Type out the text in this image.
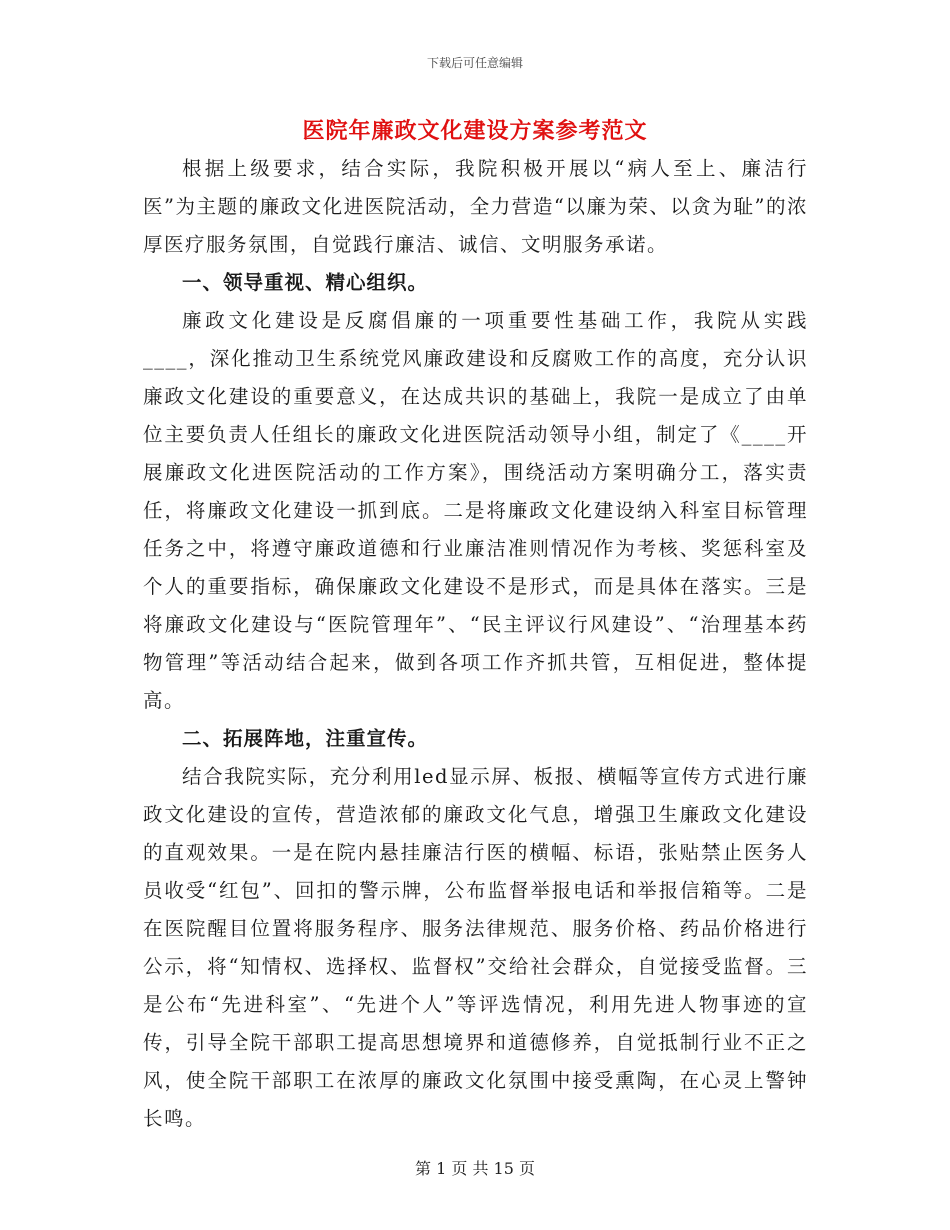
下载后可任意编辑
医院年廉政文化建设方案参考范文

根据上级要求，结合实际，我院积极开展以“病人至上、廉洁行医”为主题的廉政文化进医院活动，全力营造“以廉为荣、以贪为耻”的浓厚医疗服务氛围，自觉践行廉洁、诚信、文明服务承诺。

一、领导重视、精心组织。

廉政文化建设是反腐倡廉的一项重要性基础工作，我院从实践____，深化推动卫生系统党风廉政建设和反腐败工作的高度，充分认识廉政文化建设的重要意义，在达成共识的基础上，我院一是成立了由单位主要负责人任组长的廉政文化进医院活动领导小组，制定了《____开展廉政文化进医院活动的工作方案》，围绕活动方案明确分工，落实责任，将廉政文化建设一抓到底。二是将廉政文化建设纳入科室目标管理任务之中，将遵守廉政道德和行业廉洁准则情况作为考核、奖惩科室及个人的重要指标，确保廉政文化建设不是形式，而是具体在落实。三是将廉政文化建设与“医院管理年”、“民主评议行风建设”、“治理基本药物管理”等活动结合起来，做到各项工作齐抓共管，互相促进，整体提高。

二、拓展阵地，注重宣传。

结合我院实际，充分利用led显示屏、板报、横幅等宣传方式进行廉政文化建设的宣传，营造浓郁的廉政文化气息，增强卫生廉政文化建设的直观效果。一是在院内悬挂廉洁行医的横幅、标语，张贴禁止医务人员收受“红包”、回扣的警示牌，公布监督举报电话和举报信箱等。二是在医院醒目位置将服务程序、服务法律规范、服务价格、药品价格进行公示，将“知情权、选择权、监督权”交给社会群众，自觉接受监督。三是公布“先进科室”、“先进个人”等评选情况，利用先进人物事迹的宣传，引导全院干部职工提高思想境界和道德修养，自觉抵制行业不正之风，使全院干部职工在浓厚的廉政文化氛围中接受熏陶，在心灵上警钟长鸣。

第 1 页 共 15 页
